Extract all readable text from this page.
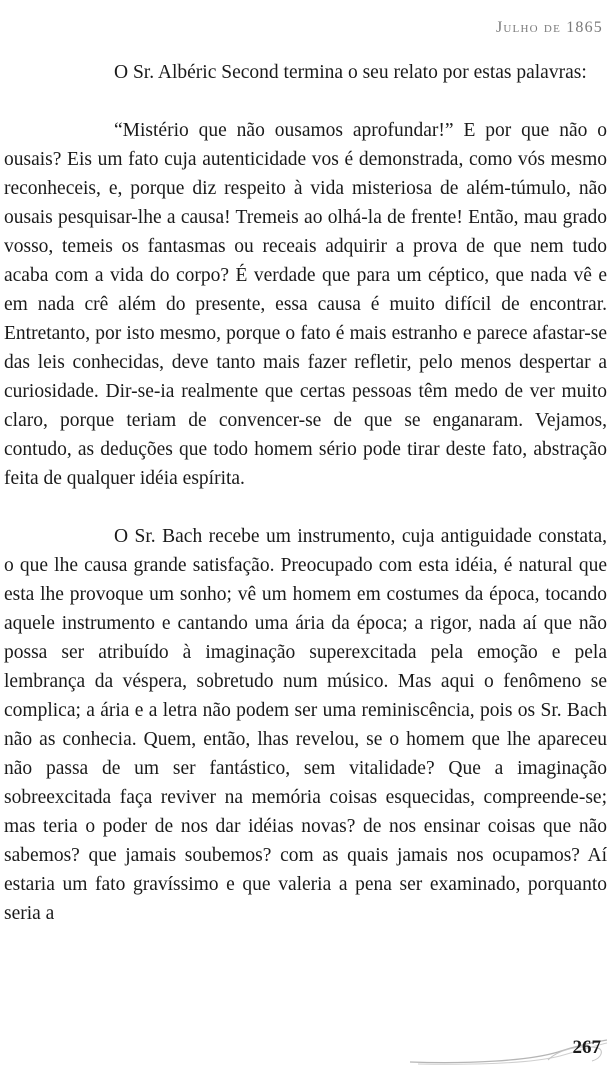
Julho de 1865

O Sr. Albéric Second termina o seu relato por estas palavras:

“Mistério que não ousamos aprofundar!” E por que não o ousais? Eis um fato cuja autenticidade vos é demonstrada, como vós mesmo reconheceis, e, porque diz respeito à vida misteriosa de além-túmulo, não ousais pesquisar-lhe a causa! Tremeis ao olhá-la de frente! Então, mau grado vosso, temeis os fantasmas ou receais adquirir a prova de que nem tudo acaba com a vida do corpo? É verdade que para um céptico, que nada vê e em nada crê além do presente, essa causa é muito difícil de encontrar. Entretanto, por isto mesmo, porque o fato é mais estranho e parece afastar-se das leis conhecidas, deve tanto mais fazer refletir, pelo menos despertar a curiosidade. Dir-se-ia realmente que certas pessoas têm medo de ver muito claro, porque teriam de convencer-se de que se enganaram. Vejamos, contudo, as deduções que todo homem sério pode tirar deste fato, abstração feita de qualquer idéia espírita.

O Sr. Bach recebe um instrumento, cuja antiguidade constata, o que lhe causa grande satisfação. Preocupado com esta idéia, é natural que esta lhe provoque um sonho; vê um homem em costumes da época, tocando aquele instrumento e cantando uma ária da época; a rigor, nada aí que não possa ser atribuído à imaginação superexcitada pela emoção e pela lembrança da véspera, sobretudo num músico. Mas aqui o fenômeno se complica; a ária e a letra não podem ser uma reminiscência, pois os Sr. Bach não as conhecia. Quem, então, lhas revelou, se o homem que lhe apareceu não passa de um ser fantástico, sem vitalidade? Que a imaginação sobreexcitada faça reviver na memória coisas esquecidas, compreende-se; mas teria o poder de nos dar idéias novas? de nos ensinar coisas que não sabemos? que jamais soubemos? com as quais jamais nos ocupamos? Aí estaria um fato gravíssimo e que valeria a pena ser examinado, porquanto seria a

267
